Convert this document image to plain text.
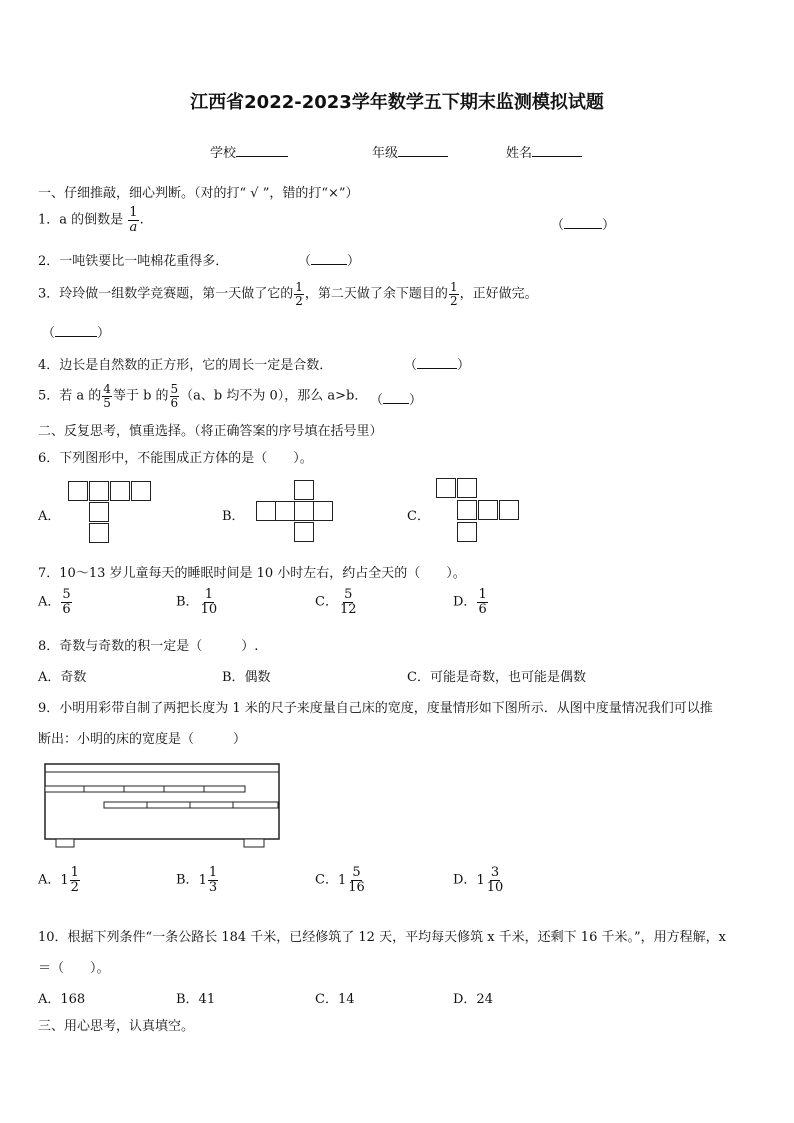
江西省2022-2023学年数学五下期末监测模拟试题
学校	年级	姓名
一、仔细推敲，细心判断。（对的打“ √ ”，错的打“×”）
1．a 的倒数是 $\frac{1}{a}$ .	（	）
2．一吨铁要比一吨棉花重得多．	（	）
3．玲玲做一组数学竞赛题，第一天做了它的 $\frac{1}{2}$ ，第二天做了余下题目的 $\frac{1}{2}$ ，正好做完。
（	）
4．边长是自然数的正方形，它的周长一定是合数．	（	）
5．若 a 的 $\frac{4}{5}$ 等于 b 的 $\frac{5}{6} (a$、b 均不为 0），那么 a>b． （ ）
二、反复思考，慎重选择。（将正确答案的序号填在括号里）
6．下列图形中，不能围成正方体的是（　　）。
A．	B．	C．
7．10～13 岁儿童每天的睡眠时间是 10 小时左右，约占全天的（　　）。
A． $\frac{5}{6}$	B． $\frac{1}{10}$	C． $\frac{5}{12}$	D． $\frac{1}{6}$
8．奇数与奇数的积一定是（　　　）.
A．奇数	B．偶数	C．可能是奇数，也可能是偶数
9．小明用彩带自制了两把长度为 1 米的尺子来度量自己床的宽度，度量情形如下图所示．从图中度量情况我们可以推
断出：小明的床的宽度是（　　　）
A． $1 \frac{1}{2}$	B． $1 \frac{1}{3}$	C． $1 \frac{5}{16}$	D． $1 \frac{3}{10}$
10．根据下列条件“一条公路长 184 千米，已经修筑了 12 天，平均每天修筑 x 千米，还剩下 16 千米。”，用方程解，x
＝（　　）。
A．168	B．41	C．14	D．24
三、用心思考，认真填空。
